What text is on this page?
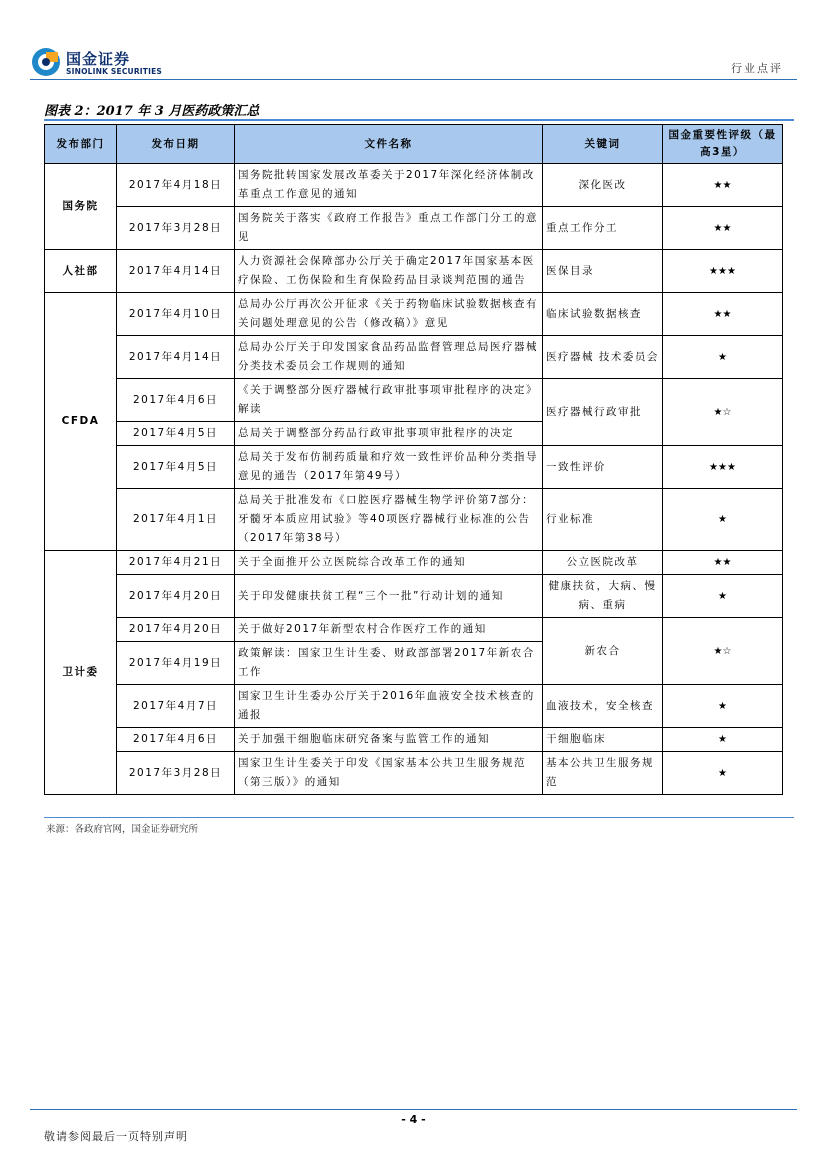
国金证券
SINOLINK SECURITIES	行业点评
图表 2：2017 年 3 月医药政策汇总
发布部门	发布日期	文件名称	关键词	国金重要性评级（最高3星）
国务院	2017年4月18日	国务院批转国家发展改革委关于2017年深化经济体制改革重点工作意见的通知	深化医改	★★
	2017年3月28日	国务院关于落实《政府工作报告》重点工作部门分工的意见	重点工作分工	★★
人社部	2017年4月14日	人力资源社会保障部办公厅关于确定2017年国家基本医疗保险、工伤保险和生育保险药品目录谈判范围的通告	医保目录	★★★
CFDA	2017年4月10日	总局办公厅再次公开征求《关于药物临床试验数据核查有关问题处理意见的公告（修改稿）》意见	临床试验数据核查	★★
	2017年4月14日	总局办公厅关于印发国家食品药品监督管理总局医疗器械分类技术委员会工作规则的通知	医疗器械 技术委员会	★
	2017年4月6日	《关于调整部分医疗器械行政审批事项审批程序的决定》解读	医疗器械行政审批	★☆
	2017年4月5日	总局关于调整部分药品行政审批事项审批程序的决定		
	2017年4月5日	总局关于发布仿制药质量和疗效一致性评价品种分类指导意见的通告（2017年第49号）	一致性评价	★★★
	2017年4月1日	总局关于批准发布《口腔医疗器械生物学评价第7部分：牙髓牙本质应用试验》等40项医疗器械行业标准的公告（2017年第38号）	行业标准	★
卫计委	2017年4月21日	关于全面推开公立医院综合改革工作的通知	公立医院改革	★★
	2017年4月20日	关于印发健康扶贫工程“三个一批”行动计划的通知	健康扶贫，大病、慢病、重病	★
	2017年4月20日	关于做好2017年新型农村合作医疗工作的通知	新农合	★☆
	2017年4月19日	政策解读：国家卫生计生委、财政部部署2017年新农合工作		
	2017年4月7日	国家卫生计生委办公厅关于2016年血液安全技术核查的通报	血液技术，安全核查	★
	2017年4月6日	关于加强干细胞临床研究备案与监管工作的通知	干细胞临床	★
	2017年3月28日	国家卫生计生委关于印发《国家基本公共卫生服务规范（第三版）》的通知	基本公共卫生服务规范	★
来源：各政府官网，国金证券研究所
- 4 -
敬请参阅最后一页特别声明
